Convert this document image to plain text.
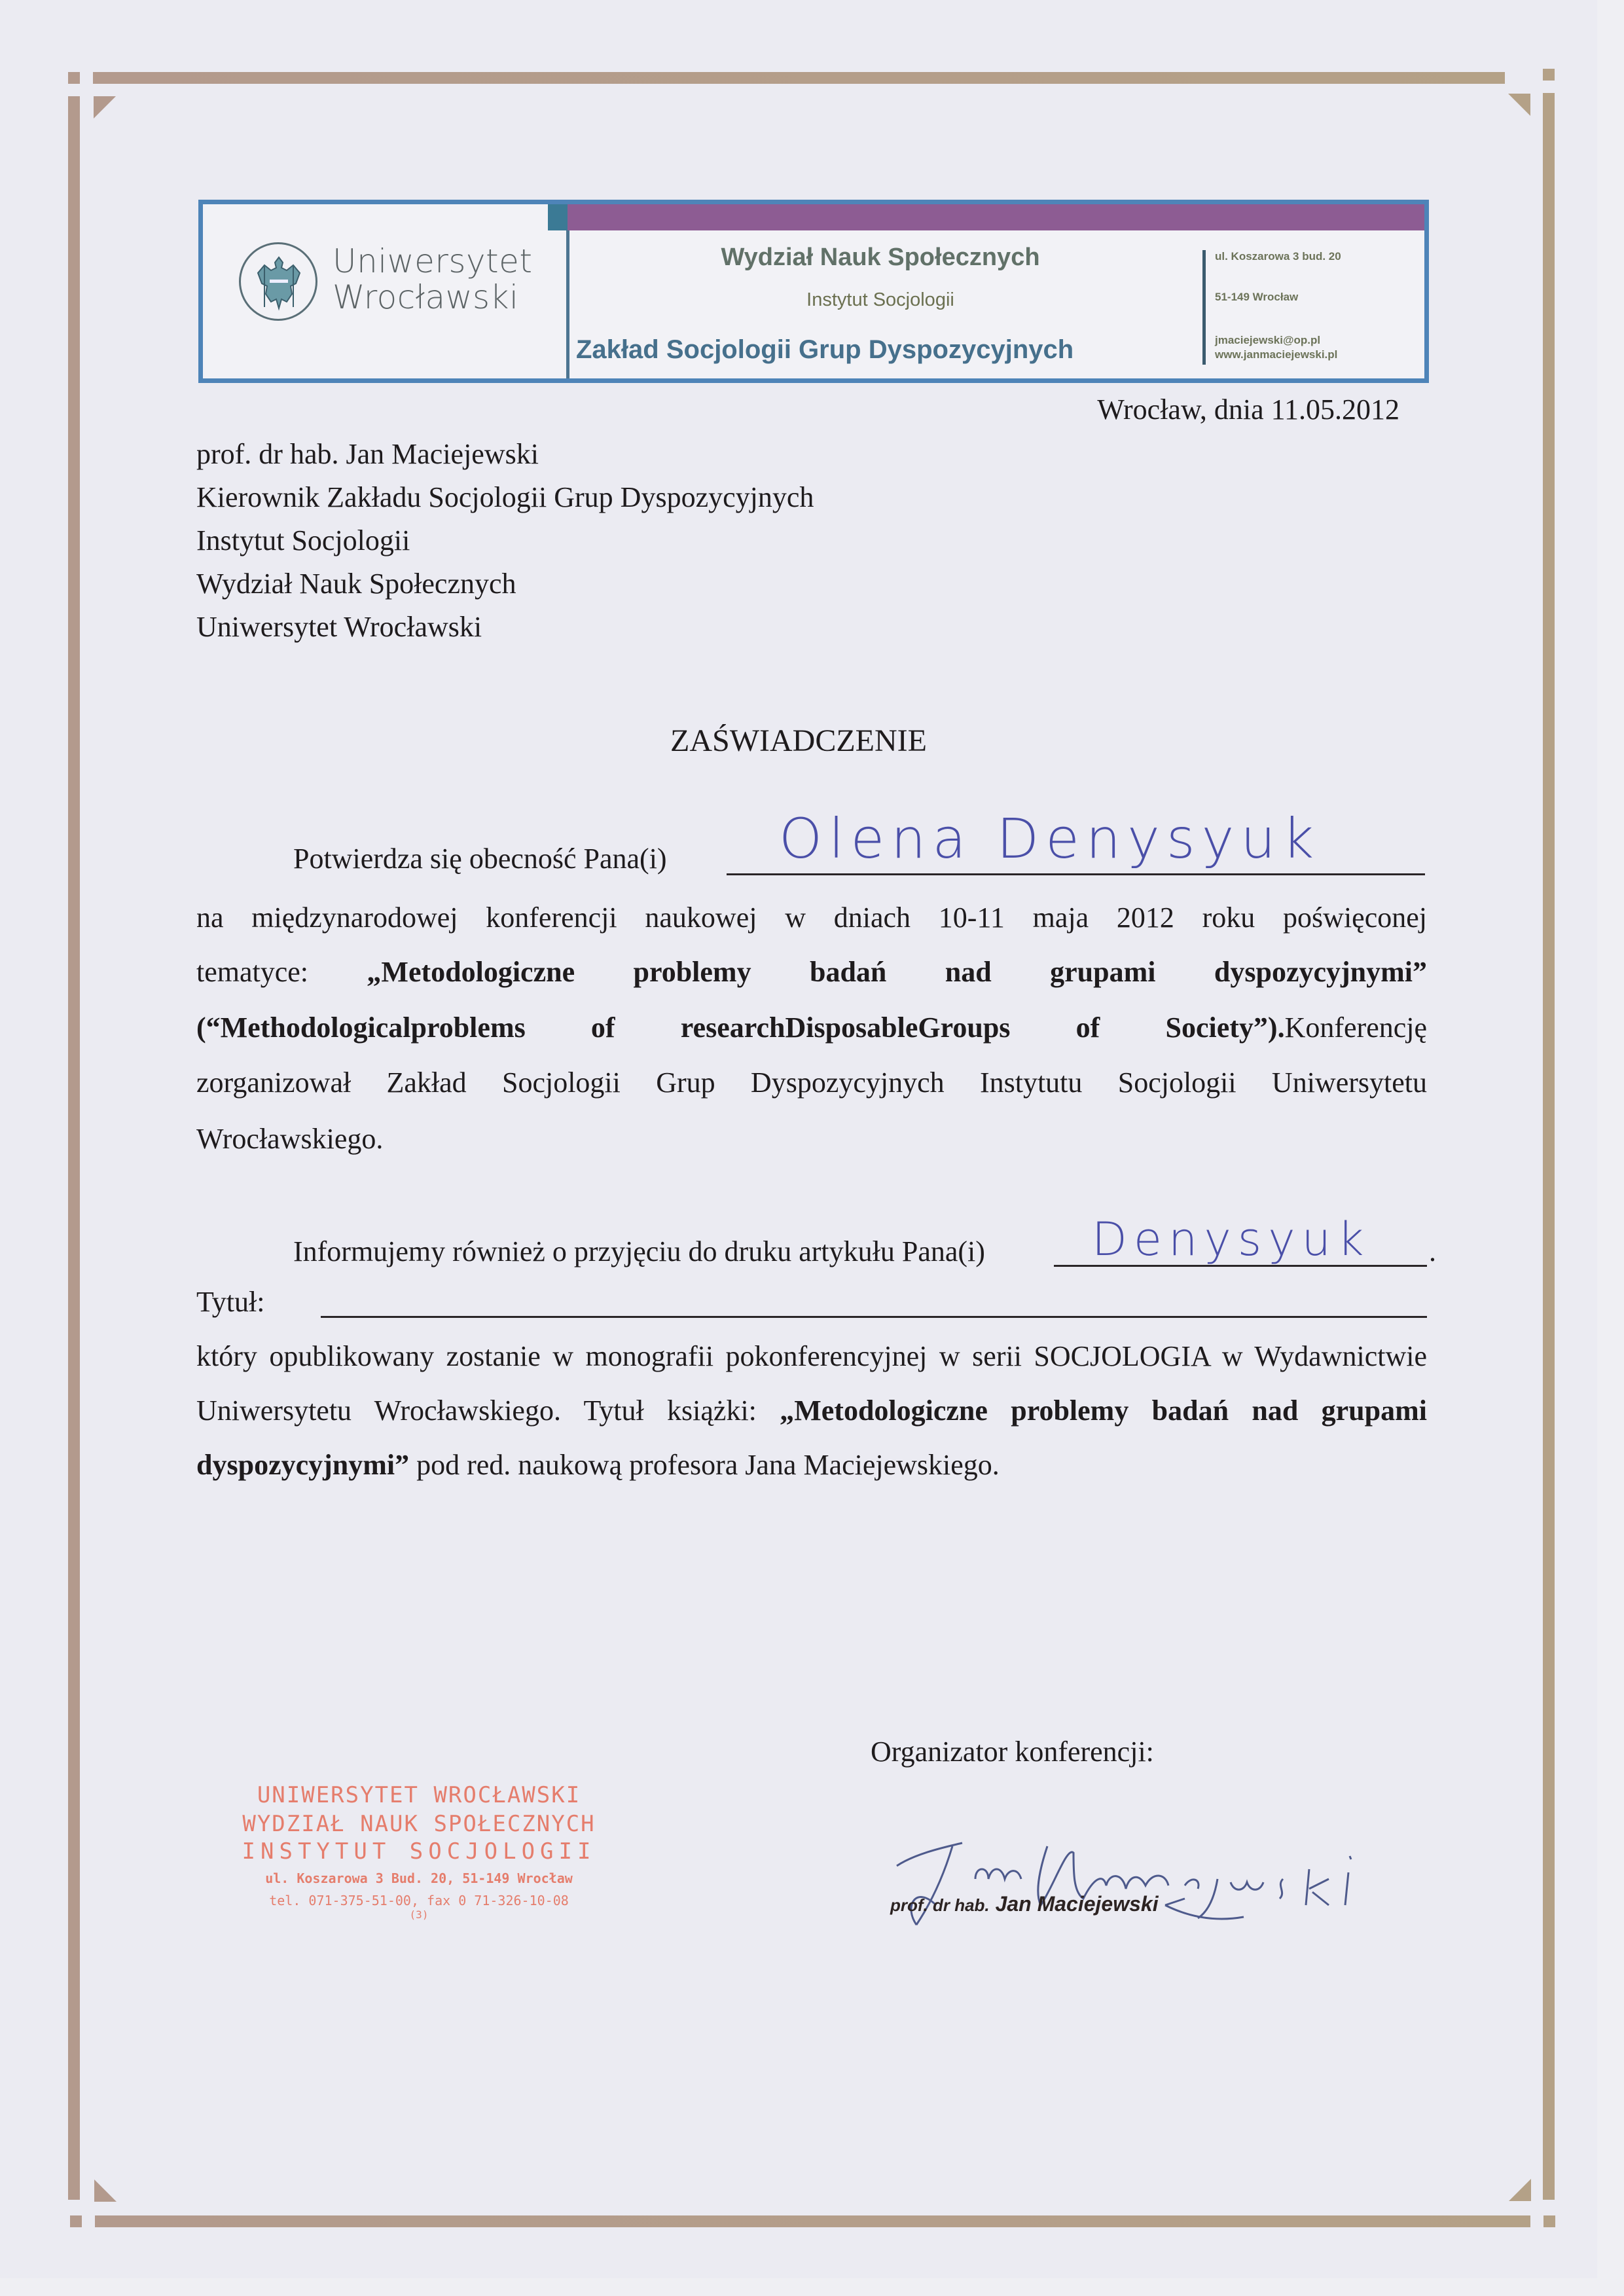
Uniwersytet
Wrocławski
Wydział Nauk Społecznych
Instytut Socjologii
Zakład Socjologii Grup Dyspozycyjnych
ul. Koszarowa 3 bud. 20
51-149 Wrocław
jmaciejewski@op.pl
www.janmaciejewski.pl
Wrocław, dnia 11.05.2012
prof. dr hab. Jan Maciejewski
Kierownik Zakładu Socjologii Grup Dyspozycyjnych
Instytut Socjologii
Wydział Nauk Społecznych
Uniwersytet Wrocławski
ZAŚWIADCZENIE
Potwierdza się obecność Pana(i) Olena Denysyuk
na międzynarodowej konferencji naukowej w dniach 10-11 maja 2012 roku poświęconej
tematyce: „Metodologiczne problemy badań nad grupami dyspozycyjnymi”
(“Methodologicalproblems of researchDisposableGroups of Society”).Konferencję
zorganizował Zakład Socjologii Grup Dyspozycyjnych Instytutu Socjologii Uniwersytetu
Wrocławskiego.
Informujemy również o przyjęciu do druku artykułu Pana(i) Denysyuk .
Tytuł:
który opublikowany zostanie w monografii pokonferencyjnej w serii SOCJOLOGIA w Wydawnictwie
Uniwersytetu Wrocławskiego. Tytuł książki: „Metodologiczne problemy badań nad grupami
dyspozycyjnymi” pod red. naukową profesora Jana Maciejewskiego.
UNIWERSYTET WROCŁAWSKI
WYDZIAŁ NAUK SPOŁECZNYCH
INSTYTUT SOCJOLOGII
ul. Koszarowa 3 Bud. 20, 51-149 Wrocław
tel. 071-375-51-00, fax 0 71-326-10-08
(3)
Organizator konferencji:
prof. dr hab. Jan Maciejewski
